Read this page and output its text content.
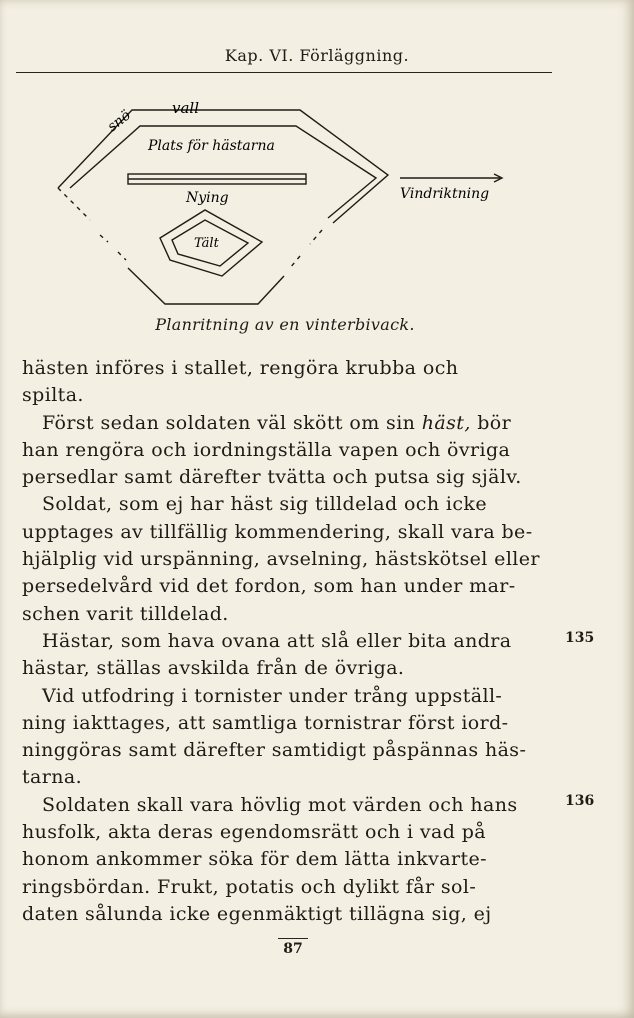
Kap. VI. Förläggning.
snö	vall
Plats för hästarna
Nying
Tält
Vindriktning
Planritning av en vinterbivack.
hästen införes i stallet, rengöra krubba och
spilta.
Först sedan soldaten väl skött om sin häst, bör
han rengöra och iordningställa vapen och övriga
persedlar samt därefter tvätta och putsa sig själv.
Soldat, som ej har häst sig tilldelad och icke
upptages av tillfällig kommendering, skall vara be-
hjälplig vid urspänning, avselning, hästskötsel eller
persedelvård vid det fordon, som han under mar-
schen varit tilldelad.
Hästar, som hava ovana att slå eller bita andra
hästar, ställas avskilda från de övriga.
Vid utfodring i tornister under trång uppställ-
ning iakttages, att samtliga tornistrar först iord-
ninggöras samt därefter samtidigt påspännas häs-
tarna.
Soldaten skall vara hövlig mot värden och hans
husfolk, akta deras egendomsrätt och i vad på
honom ankommer söka för dem lätta inkvarte-
ringsbördan. Frukt, potatis och dylikt får sol-
daten sålunda icke egenmäktigt tillägna sig, ej
135
136
87
